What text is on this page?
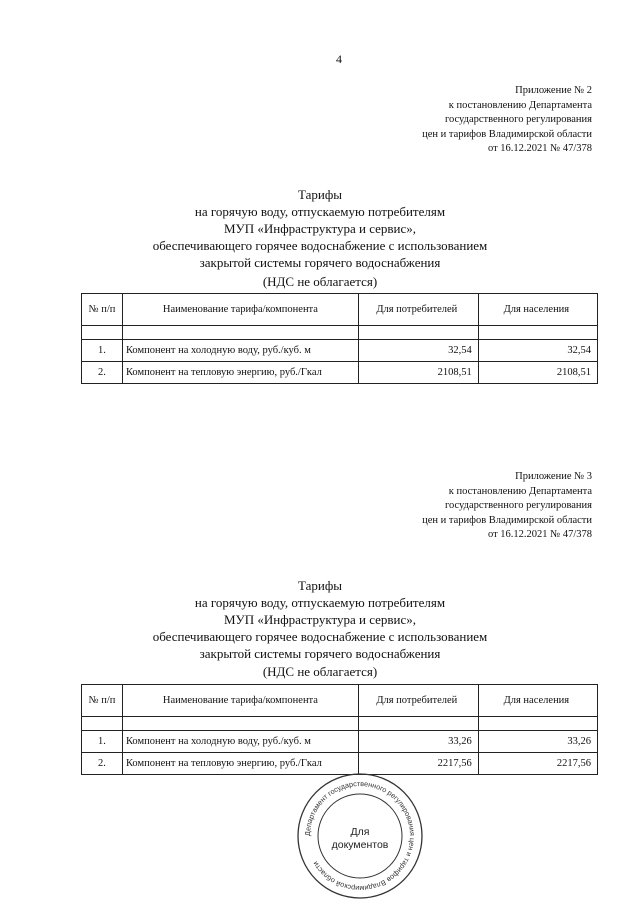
4
Приложение № 2
к постановлению Департамента
государственного регулирования
цен и тарифов Владимирской области
от 16.12.2021 № 47/378
Тарифы
на горячую воду, отпускаемую потребителям
МУП «Инфраструктура и сервис»,
обеспечивающего горячее водоснабжение с использованием
закрытой системы горячего водоснабжения
(НДС не облагается)
№ п/п	Наименование тарифа/компонента	Для потребителей	Для населения

1.	Компонент на холодную воду, руб./куб. м	32,54	32,54
2.	Компонент на тепловую энергию, руб./Гкал	2108,51	2108,51
Приложение № 3
к постановлению Департамента
государственного регулирования
цен и тарифов Владимирской области
от 16.12.2021 № 47/378
Тарифы
на горячую воду, отпускаемую потребителям
МУП «Инфраструктура и сервис»,
обеспечивающего горячее водоснабжение с использованием
закрытой системы горячего водоснабжения
(НДС не облагается)
№ п/п	Наименование тарифа/компонента	Для потребителей	Для населения

1.	Компонент на холодную воду, руб./куб. м	33,26	33,26
2.	Компонент на тепловую энергию, руб./Гкал	2217,56	2217,56
Департамент государственного регулирования цен и тарифов Владимирской области
Для
документов
